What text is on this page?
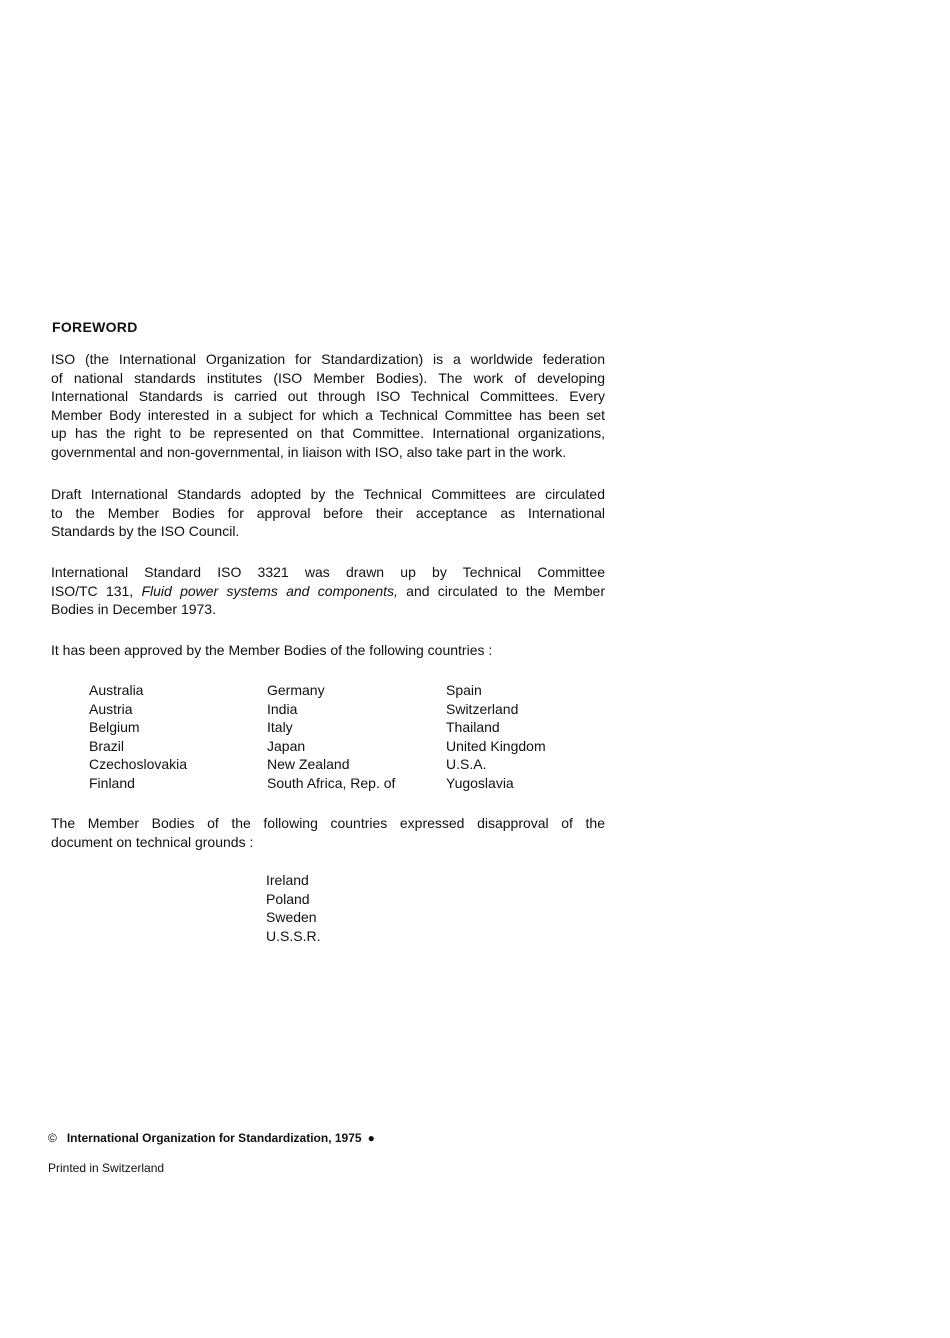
FOREWORD

ISO (the International Organization for Standardization) is a worldwide federation
of national standards institutes (ISO Member Bodies). The work of developing
International Standards is carried out through ISO Technical Committees. Every
Member Body interested in a subject for which a Technical Committee has been set
up has the right to be represented on that Committee. International organizations,
governmental and non-governmental, in liaison with ISO, also take part in the work.

Draft International Standards adopted by the Technical Committees are circulated
to the Member Bodies for approval before their acceptance as International
Standards by the ISO Council.

International Standard ISO 3321 was drawn up by Technical Committee
ISO/TC 131, Fluid power systems and components, and circulated to the Member
Bodies in December 1973.

It has been approved by the Member Bodies of the following countries :

Australia
Austria
Belgium
Brazil
Czechoslovakia
Finland
Germany
India
Italy
Japan
New Zealand
South Africa, Rep. of
Spain
Switzerland
Thailand
United Kingdom
U.S.A.
Yugoslavia

The Member Bodies of the following countries expressed disapproval of the
document on technical grounds :

Ireland
Poland
Sweden
U.S.S.R.
© International Organization for Standardization, 1975 ●
Printed in Switzerland
